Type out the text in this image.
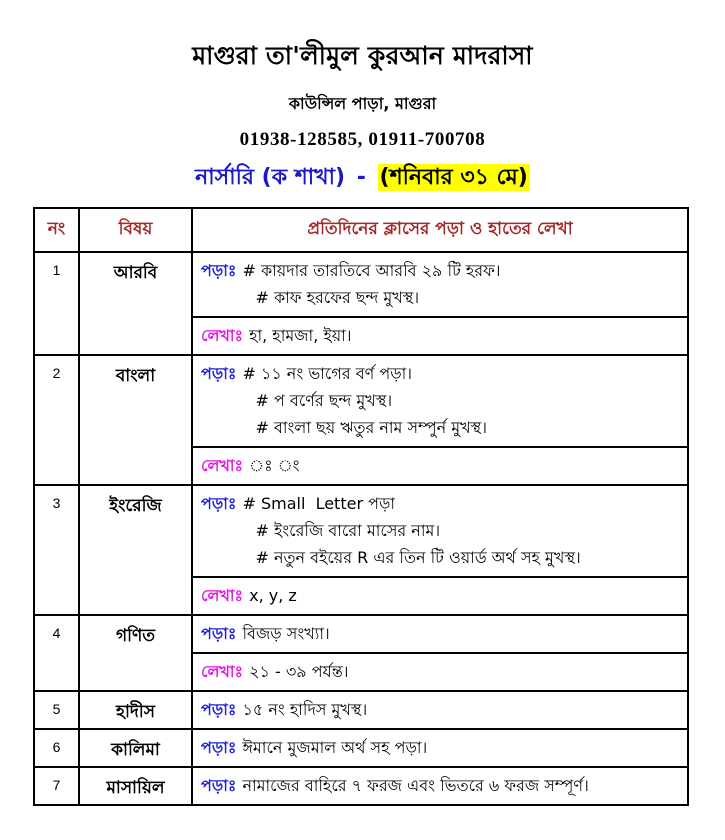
মাগুরা তা'লীমুল কুরআন মাদরাসা
কাউন্সিল পাড়া, মাগুরা
01938-128585, 01911-700708
নার্সারি (ক শাখা) - (শনিবার ৩১ মে)
নং	বিষয়	প্রতিদিনের ক্লাসের পড়া ও হাতের লেখা
1	আরবি	পড়াঃ # কায়দার তারতিবে আরবি ২৯ টি হরফ।
# কাফ হরফের ছন্দ মুখস্থ।

		লেখাঃ হা, হামজা, ইয়া।

2	বাংলা	পড়াঃ # ১১ নং ভাগের বর্ণ পড়া।
# প বর্ণের ছন্দ মুখস্থ।
# বাংলা ছয় ঋতুর নাম সম্পুর্ন মুখস্থ।

		লেখাঃ ◌ঃ ◌ং

3	ইংরেজি	পড়াঃ # Small  Letter পড়া
# ইংরেজি বারো মাসের নাম।
# নতুন বইয়ের R এর তিন টি ওয়ার্ড অর্থ সহ মুখস্থ।

		লেখাঃ x, y, z

4	গণিত	পড়াঃ বিজড় সংখ্যা।

		লেখাঃ ২১ - ৩৯ পর্যন্ত।

5	হাদীস	পড়াঃ ১৫ নং হাদিস মুখস্থ।

6	কালিমা	পড়াঃ ঈমানে মুজমাল অর্থ সহ পড়া।

7	মাসায়িল	পড়াঃ নামাজের বাহিরে ৭ ফরজ এবং ভিতরে ৬ ফরজ সম্পূর্ণ।
